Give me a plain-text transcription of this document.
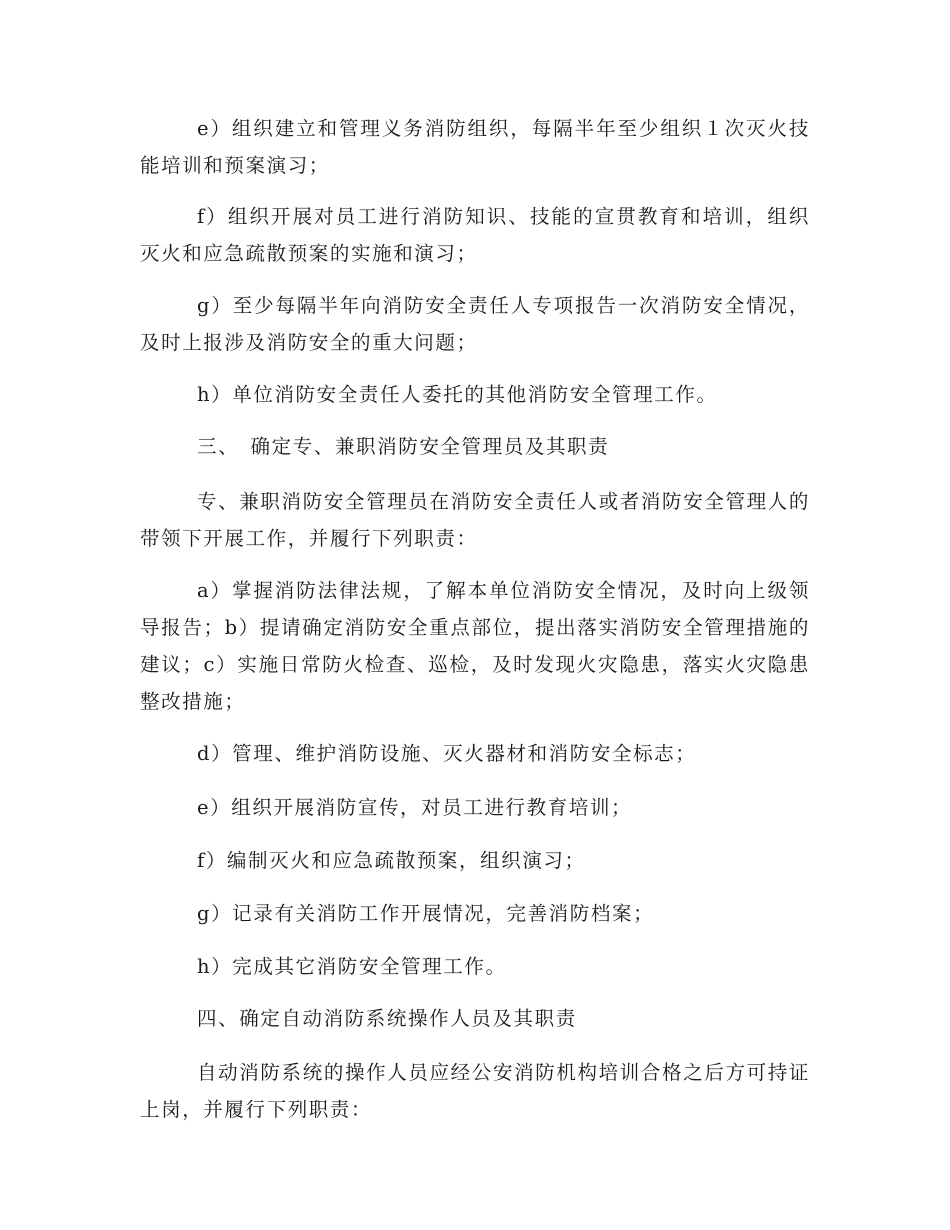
e）组织建立和管理义务消防组织，每隔半年至少组织１次灭火技能培训和预案演习；

f）组织开展对员工进行消防知识、技能的宣贯教育和培训，组织灭火和应急疏散预案的实施和演习；

g）至少每隔半年向消防安全责任人专项报告一次消防安全情况，及时上报涉及消防安全的重大问题；

h）单位消防安全责任人委托的其他消防安全管理工作。

三、　确定专、兼职消防安全管理员及其职责

专、兼职消防安全管理员在消防安全责任人或者消防安全管理人的带领下开展工作，并履行下列职责：

a）掌握消防法律法规，了解本单位消防安全情况，及时向上级领导报告；b）提请确定消防安全重点部位，提出落实消防安全管理措施的建议；c）实施日常防火检查、巡检，及时发现火灾隐患，落实火灾隐患整改措施；

d）管理、维护消防设施、灭火器材和消防安全标志；

e）组织开展消防宣传，对员工进行教育培训；

f）编制灭火和应急疏散预案，组织演习；

g）记录有关消防工作开展情况，完善消防档案；

h）完成其它消防安全管理工作。

四、确定自动消防系统操作人员及其职责

自动消防系统的操作人员应经公安消防机构培训合格之后方可持证上岗，并履行下列职责：
